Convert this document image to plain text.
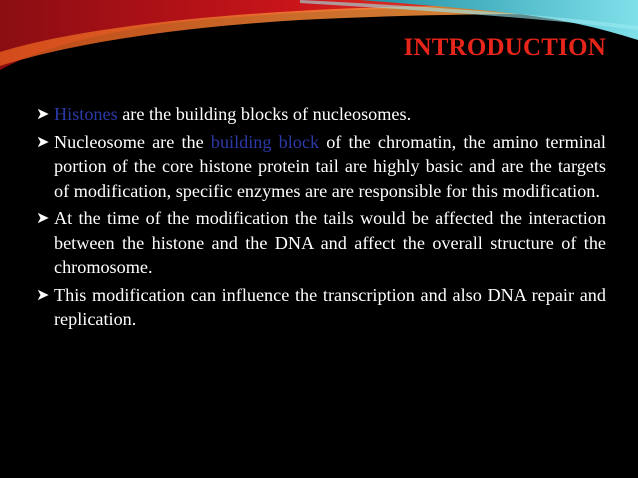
INTRODUCTION

➤ Histones are the building blocks of nucleosomes.

➤ Nucleosome are the building block of the chromatin, the amino terminal portion of the core histone protein tail are highly basic and are the targets of modification, specific enzymes are are responsible for this modification.

➤ At the time of the modification the tails would be affected the interaction between the histone and the DNA and affect the overall structure of the chromosome.

➤ This modification can influence the transcription and also DNA repair and replication.
